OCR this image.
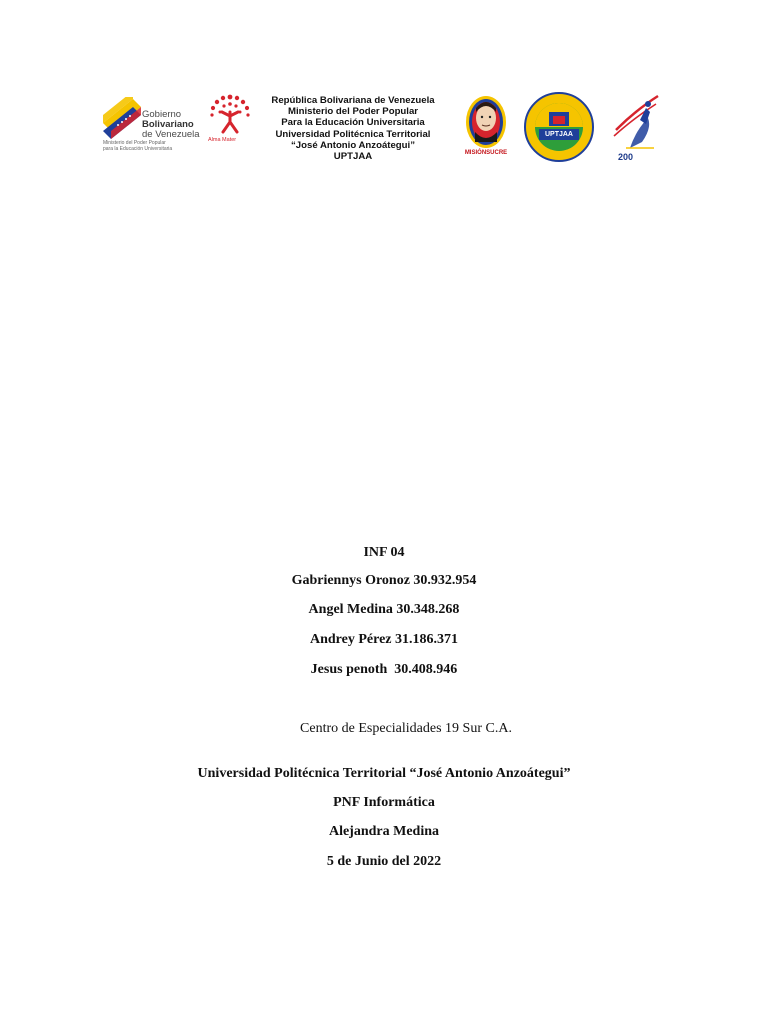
Gobierno
Bolivariano
de Venezuela
Ministerio del Poder Popular
para la Educación Universitaria
Alma Mater
República Bolivariana de Venezuela
Ministerio del Poder Popular
Para la Educación Universitaria
Universidad Politécnica Territorial
“José Antonio Anzoátegui”
UPTJAA	MISIÓNSUCRE
UPTJAA
200
INF 04
Gabriennys Oronoz 30.932.954
Angel Medina 30.348.268
Andrey Pérez 31.186.371
Jesus penoth  30.408.946
Centro de Especialidades 19 Sur C.A.
Universidad Politécnica Territorial “José Antonio Anzoátegui”
PNF Informática
Alejandra Medina
5 de Junio del 2022
